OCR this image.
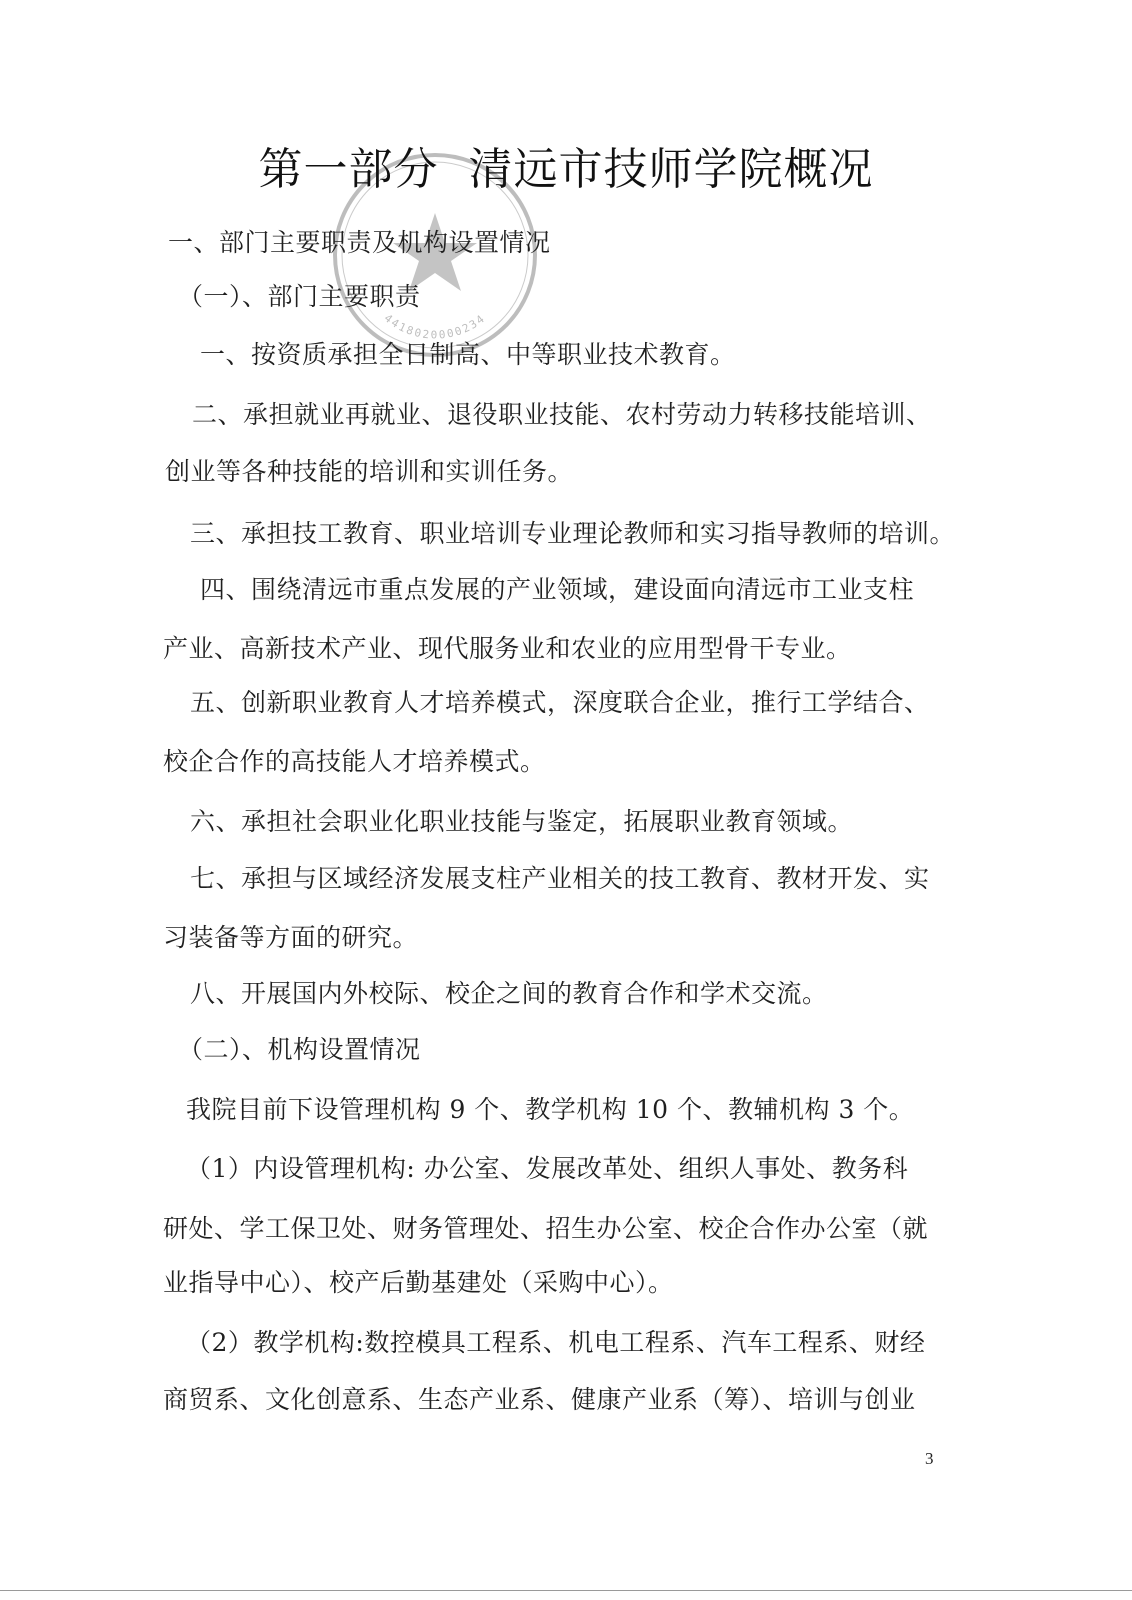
4418020000234
第一部分  清远市技师学院概况
一、部门主要职责及机构设置情况
（一）、部门主要职责
一、按资质承担全日制高、中等职业技术教育。
二、承担就业再就业、退役职业技能、农村劳动力转移技能培训、
创业等各种技能的培训和实训任务。
三、承担技工教育、职业培训专业理论教师和实习指导教师的培训。
四、围绕清远市重点发展的产业领域，建设面向清远市工业支柱
产业、高新技术产业、现代服务业和农业的应用型骨干专业。
五、创新职业教育人才培养模式，深度联合企业，推行工学结合、
校企合作的高技能人才培养模式。
六、承担社会职业化职业技能与鉴定，拓展职业教育领域。
七、承担与区域经济发展支柱产业相关的技工教育、教材开发、实
习装备等方面的研究。
八、开展国内外校际、校企之间的教育合作和学术交流。
（二）、机构设置情况
我院目前下设管理机构 9 个、教学机构 10 个、教辅机构 3 个。
（1）内设管理机构: 办公室、发展改革处、组织人事处、教务科
研处、学工保卫处、财务管理处、招生办公室、校企合作办公室（就
业指导中心）、校产后勤基建处（采购中心）。
（2）教学机构:数控模具工程系、机电工程系、汽车工程系、财经
商贸系、文化创意系、生态产业系、健康产业系（筹）、培训与创业
3
